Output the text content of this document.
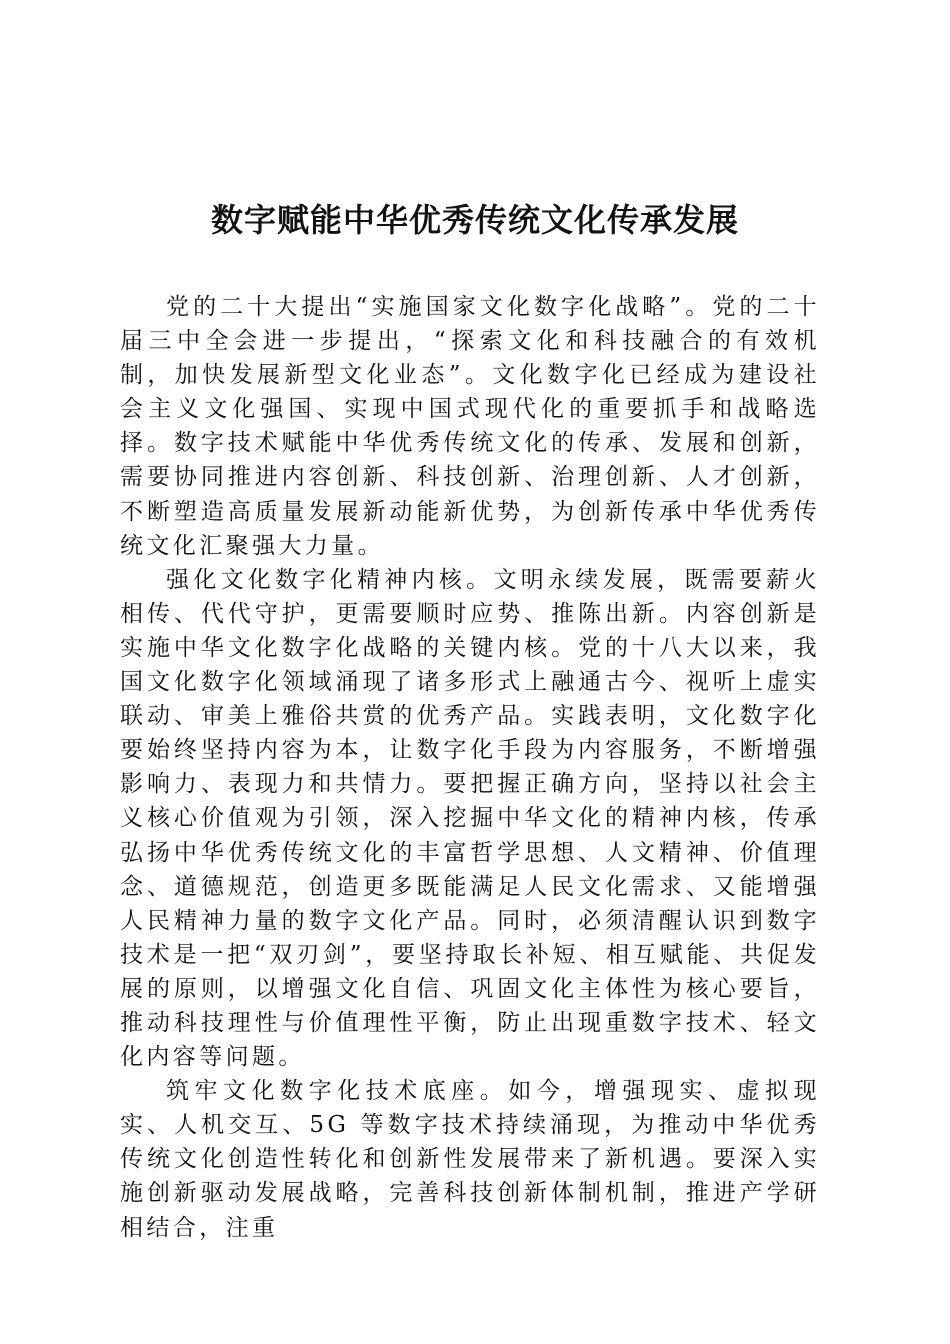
数字赋能中华优秀传统文化传承发展

党的二十大提出“实施国家文化数字化战略”。党的二十届三中全会进一步提出，“探索文化和科技融合的有效机制，加快发展新型文化业态”。文化数字化已经成为建设社会主义文化强国、实现中国式现代化的重要抓手和战略选择。数字技术赋能中华优秀传统文化的传承、发展和创新，需要协同推进内容创新、科技创新、治理创新、人才创新，不断塑造高质量发展新动能新优势，为创新传承中华优秀传统文化汇聚强大力量。

强化文化数字化精神内核。文明永续发展，既需要薪火相传、代代守护，更需要顺时应势、推陈出新。内容创新是实施中华文化数字化战略的关键内核。党的十八大以来，我国文化数字化领域涌现了诸多形式上融通古今、视听上虚实联动、审美上雅俗共赏的优秀产品。实践表明，文化数字化要始终坚持内容为本，让数字化手段为内容服务，不断增强影响力、表现力和共情力。要把握正确方向，坚持以社会主义核心价值观为引领，深入挖掘中华文化的精神内核，传承弘扬中华优秀传统文化的丰富哲学思想、人文精神、价值理念、道德规范，创造更多既能满足人民文化需求、又能增强人民精神力量的数字文化产品。同时，必须清醒认识到数字技术是一把“双刃剑”，要坚持取长补短、相互赋能、共促发展的原则，以增强文化自信、巩固文化主体性为核心要旨，推动科技理性与价值理性平衡，防止出现重数字技术、轻文化内容等问题。

筑牢文化数字化技术底座。如今，增强现实、虚拟现实、人机交互、5G 等数字技术持续涌现，为推动中华优秀传统文化创造性转化和创新性发展带来了新机遇。要深入实施创新驱动发展战略，完善科技创新体制机制，推进产学研相结合，注重
